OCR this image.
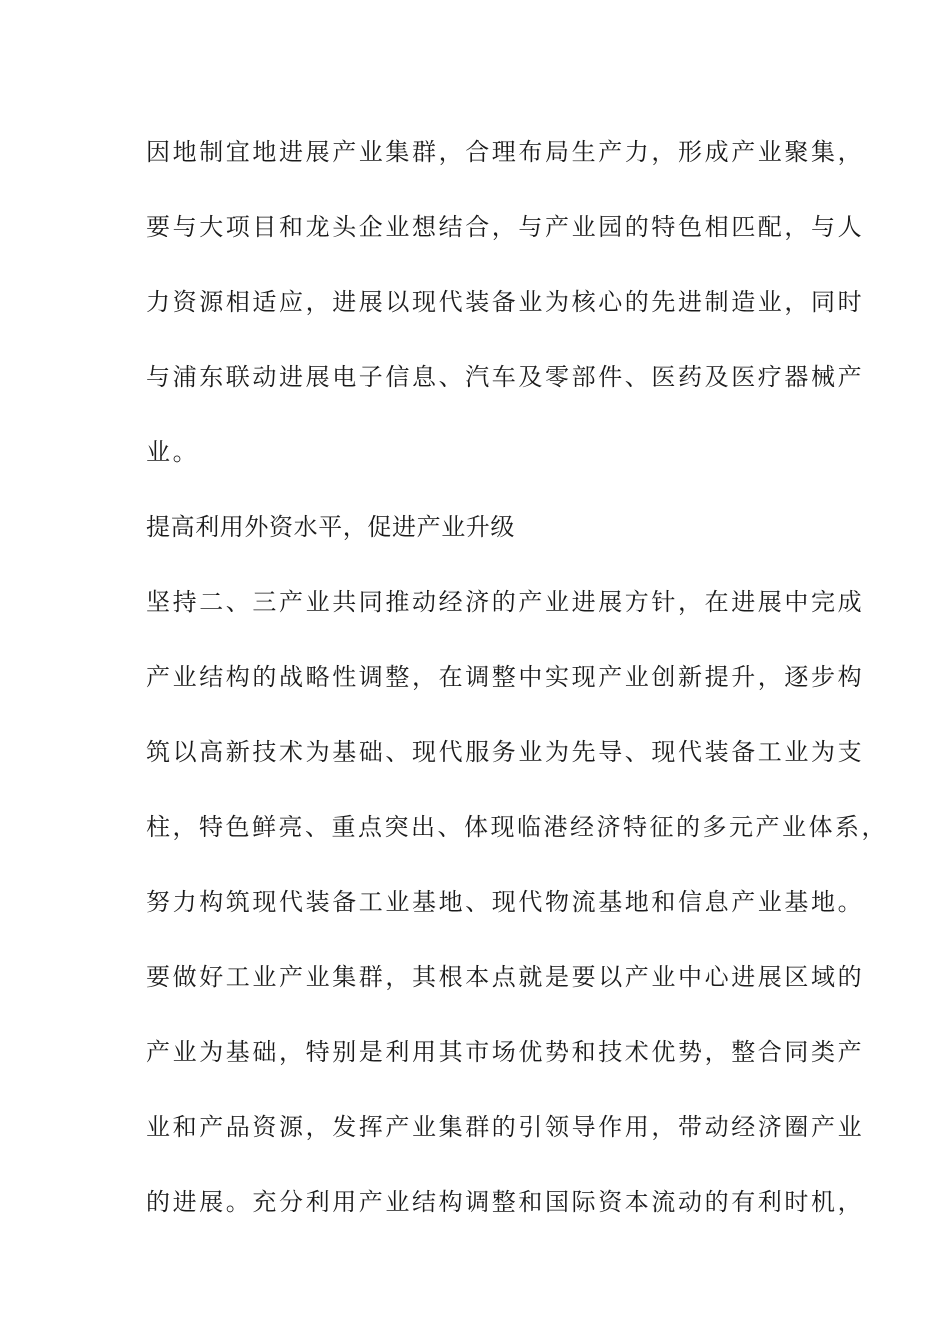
因地制宜地进展产业集群，合理布局生产力，形成产业聚集，
要与大项目和龙头企业想结合，与产业园的特色相匹配，与人
力资源相适应，进展以现代装备业为核心的先进制造业，同时
与浦东联动进展电子信息、汽车及零部件、医药及医疗器械产
业。
提高利用外资水平，促进产业升级
坚持二、三产业共同推动经济的产业进展方针，在进展中完成
产业结构的战略性调整，在调整中实现产业创新提升，逐步构
筑以高新技术为基础、现代服务业为先导、现代装备工业为支
柱，特色鲜亮、重点突出、体现临港经济特征的多元产业体系，
努力构筑现代装备工业基地、现代物流基地和信息产业基地。
要做好工业产业集群，其根本点就是要以产业中心进展区域的
产业为基础，特别是利用其市场优势和技术优势，整合同类产
业和产品资源，发挥产业集群的引领导作用，带动经济圈产业
的进展。充分利用产业结构调整和国际资本流动的有利时机，
